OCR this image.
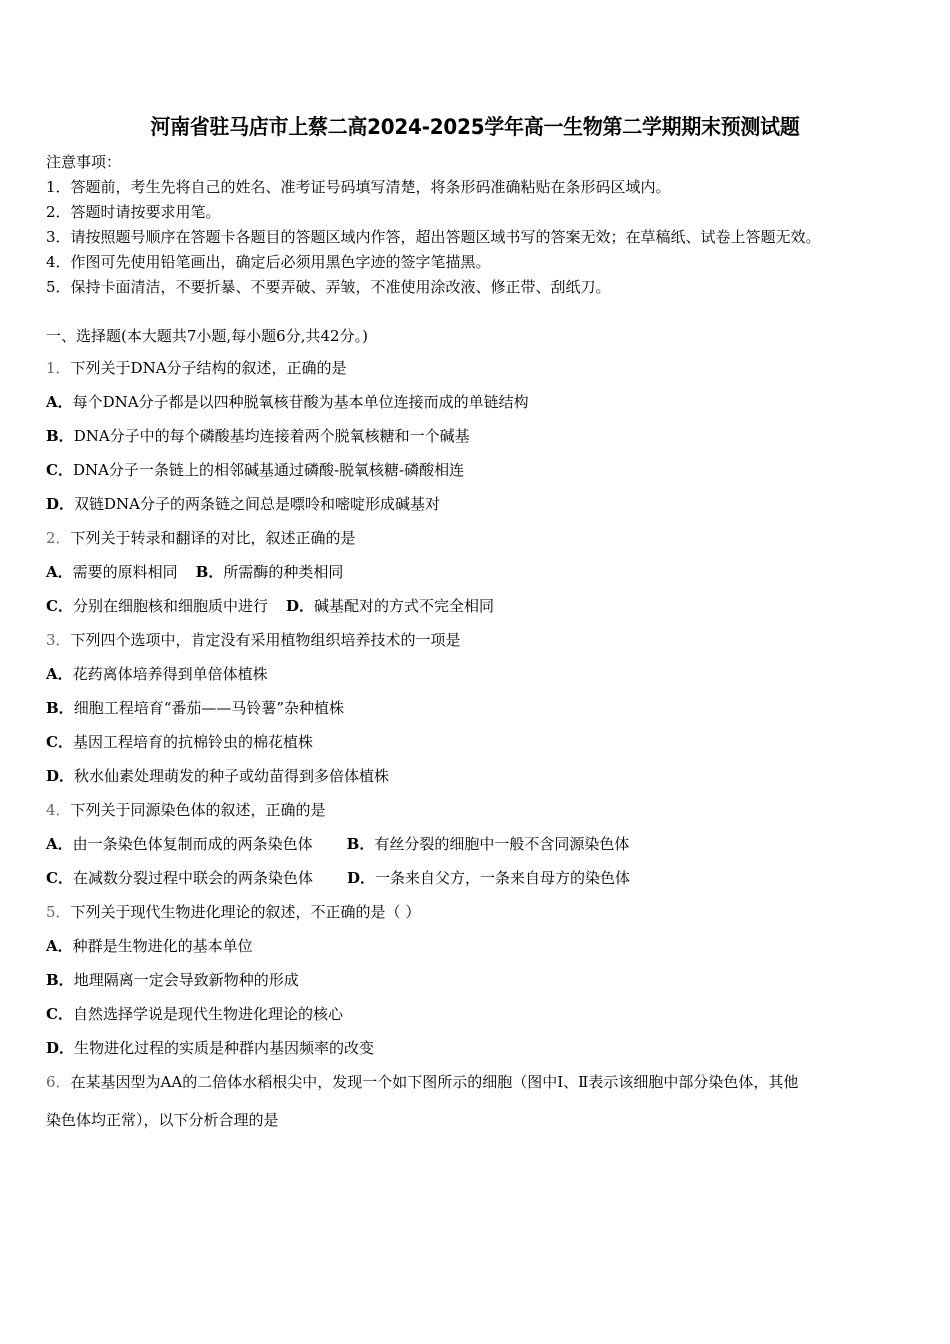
河南省驻马店市上蔡二高2024-2025学年高一生物第二学期期末预测试题
注意事项：
1．答题前，考生先将自己的姓名、准考证号码填写清楚，将条形码准确粘贴在条形码区域内。
2．答题时请按要求用笔。
3．请按照题号顺序在答题卡各题目的答题区域内作答，超出答题区域书写的答案无效；在草稿纸、试卷上答题无效。
4．作图可先使用铅笔画出，确定后必须用黑色字迹的签字笔描黑。
5．保持卡面清洁，不要折暴、不要弄破、弄皱，不准使用涂改液、修正带、刮纸刀。
一、选择题(本大题共7小题,每小题6分,共42分。)
1．下列关于DNA分子结构的叙述，正确的是
A．每个DNA分子都是以四种脱氧核苷酸为基本单位连接而成的单链结构
B．DNA分子中的每个磷酸基均连接着两个脱氧核糖和一个碱基
C．DNA分子一条链上的相邻碱基通过磷酸-脱氧核糖-磷酸相连
D．双链DNA分子的两条链之间总是嘌呤和嘧啶形成碱基对
2．下列关于转录和翻译的对比，叙述正确的是
A．需要的原料相同 B．所需酶的种类相同
C．分别在细胞核和细胞质中进行 D．碱基配对的方式不完全相同
3．下列四个选项中，肯定没有采用植物组织培养技术的一项是
A．花药离体培养得到单倍体植株
B．细胞工程培育“番茄——马铃薯”杂种植株
C．基因工程培育的抗棉铃虫的棉花植株
D．秋水仙素处理萌发的种子或幼苗得到多倍体植株
4．下列关于同源染色体的叙述，正确的是
A．由一条染色体复制而成的两条染色体 B．有丝分裂的细胞中一般不含同源染色体
C．在减数分裂过程中联会的两条染色体 D．一条来自父方，一条来自母方的染色体
5．下列关于现代生物进化理论的叙述，不正确的是（ ）
A．种群是生物进化的基本单位
B．地理隔离一定会导致新物种的形成
C．自然选择学说是现代生物进化理论的核心
D．生物进化过程的实质是种群内基因频率的改变
6．在某基因型为AA的二倍体水稻根尖中，发现一个如下图所示的细胞（图中Ⅰ、Ⅱ表示该细胞中部分染色体，其他
染色体均正常），以下分析合理的是
